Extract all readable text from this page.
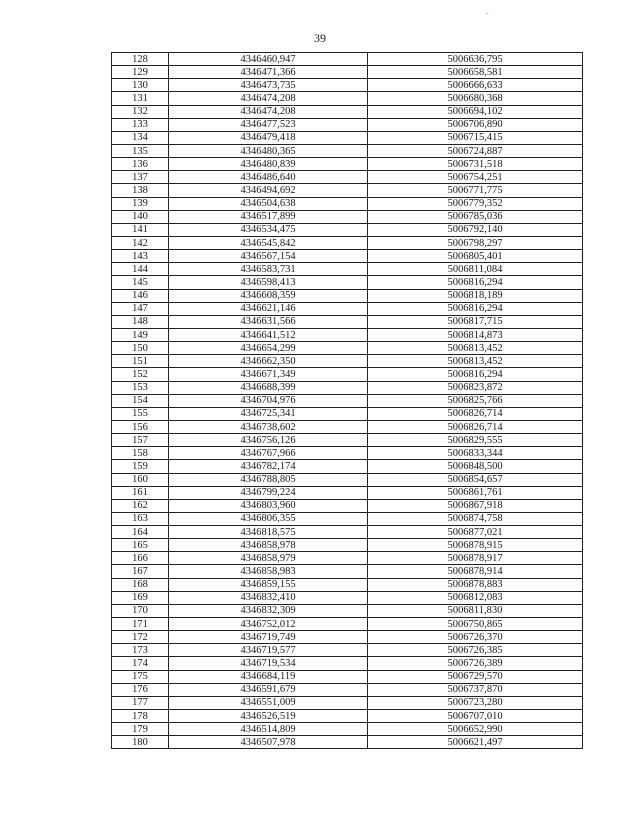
-
39
128	4346460,947	5006636,795
129	4346471,366	5006658,581
130	4346473,735	5006666,633
131	4346474,208	5006680,368
132	4346474,208	5006694,102
133	4346477,523	5006706,890
134	4346479,418	5006715,415
135	4346480,365	5006724,887
136	4346480,839	5006731,518
137	4346486,640	5006754,251
138	4346494,692	5006771,775
139	4346504,638	5006779,352
140	4346517,899	5006785,036
141	4346534,475	5006792,140
142	4346545,842	5006798,297
143	4346567,154	5006805,401
144	4346583,731	5006811,084
145	4346598,413	5006816,294
146	4346608,359	5006818,189
147	4346621,146	5006816,294
148	4346631,566	5006817,715
149	4346641,512	5006814,873
150	4346654,299	5006813,452
151	4346662,350	5006813,452
152	4346671,349	5006816,294
153	4346688,399	5006823,872
154	4346704,976	5006825,766
155	4346725,341	5006826,714
156	4346738,602	5006826,714
157	4346756,126	5006829,555
158	4346767,966	5006833,344
159	4346782,174	5006848,500
160	4346788,805	5006854,657
161	4346799,224	5006861,761
162	4346803,960	5006867,918
163	4346806,355	5006874,758
164	4346818,575	5006877,021
165	4346858,978	5006878,915
166	4346858,979	5006878,917
167	4346858,983	5006878,914
168	4346859,155	5006878,883
169	4346832,410	5006812,083
170	4346832,309	5006811,830
171	4346752,012	5006750,865
172	4346719,749	5006726,370
173	4346719,577	5006726,385
174	4346719,534	5006726,389
175	4346684,119	5006729,570
176	4346591,679	5006737,870
177	4346551,009	5006723,280
178	4346526,519	5006707,010
179	4346514,809	5006652,990
180	4346507,978	5006621,497
